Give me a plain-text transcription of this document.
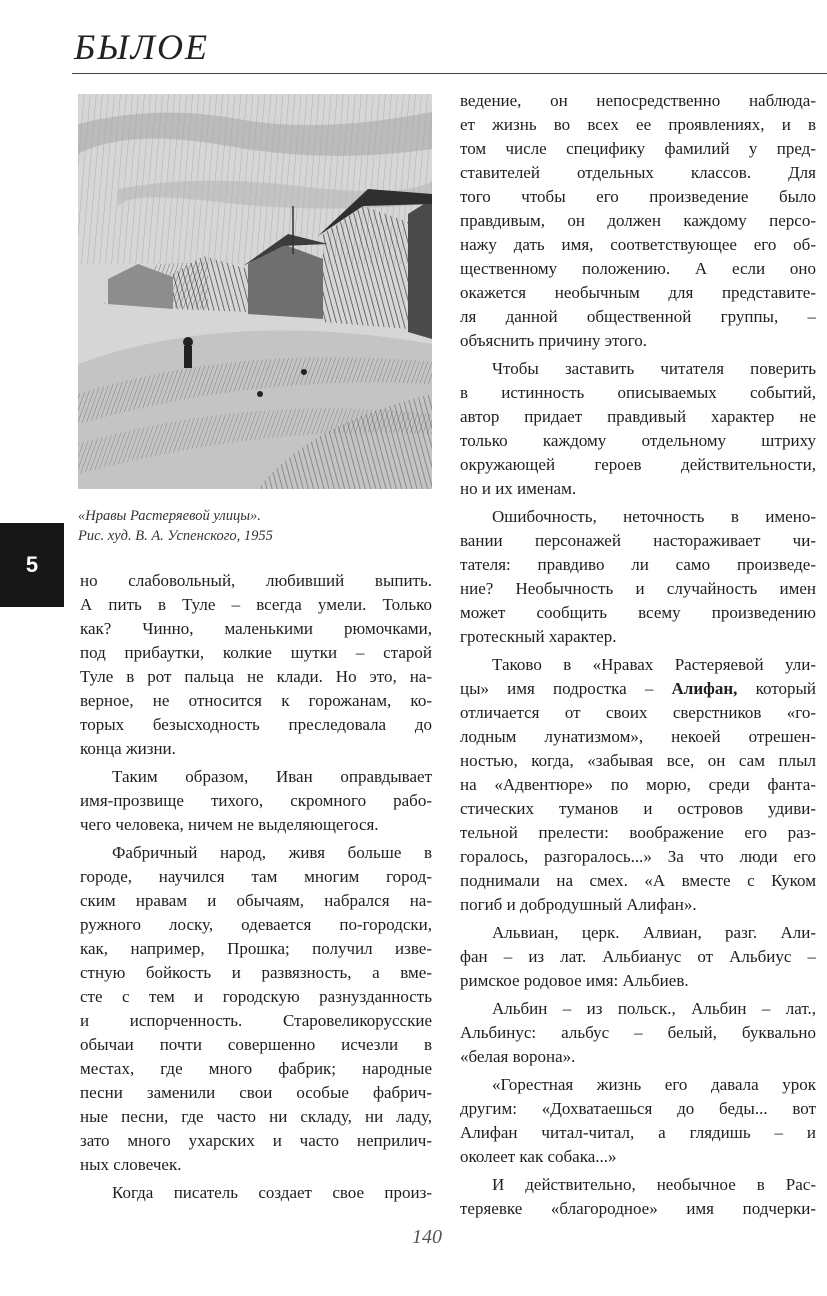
БЫЛОЕ
«Нравы Растеряевой улицы».
Рис. худ. В. А. Успенского, 1955
5
но слабовольный, любивший выпить.
А пить в Туле – всегда умели. Только
как? Чинно, маленькими рюмочками,
под прибаутки, колкие шутки – старой
Туле в рот пальца не клади. Но это, на-
верное, не относится к горожанам, ко-
торых безысходность преследовала до
конца жизни.
Таким образом, Иван оправдывает
имя-прозвище тихого, скромного рабо-
чего человека, ничем не выделяющегося.
Фабричный народ, живя больше в
городе, научился там многим город-
ским нравам и обычаям, набрался на-
ружного лоску, одевается по-городски,
как, например, Прошка; получил изве-
стную бойкость и развязность, а вме-
сте с тем и городскую разнузданность
и испорченность. Старовеликорусские
обычаи почти совершенно исчезли в
местах, где много фабрик; народные
песни заменили свои особые фабрич-
ные песни, где часто ни складу, ни ладу,
зато много ухарских и часто неприлич-
ных словечек.
Когда писатель создает свое произ-
ведение, он непосредственно наблюда-
ет жизнь во всех ее проявлениях, и в
том числе специфику фамилий у пред-
ставителей отдельных классов. Для
того чтобы его произведение было
правдивым, он должен каждому персо-
нажу дать имя, соответствующее его об-
щественному положению. А если оно
окажется необычным для представите-
ля данной общественной группы, –
объяснить причину этого.
Чтобы заставить читателя поверить
в истинность описываемых событий,
автор придает правдивый характер не
только каждому отдельному штриху
окружающей героев действительности,
но и их именам.
Ошибочность, неточность в имено-
вании персонажей настораживает чи-
тателя: правдиво ли само произведе-
ние? Необычность и случайность имен
может сообщить всему произведению
гротескный характер.
Таково в «Нравах Растеряевой ули-
цы» имя подростка – Алифан, который
отличается от своих сверстников «го-
лодным лунатизмом», некоей отрешен-
ностью, когда, «забывая все, он сам плыл
на «Адвентюре» по морю, среди фанта-
стических туманов и островов удиви-
тельной прелести: воображение его раз-
горалось, разгоралось...» За что люди его
поднимали на смех. «А вместе с Куком
погиб и добродушный Алифан».
Альвиан, церк. Алвиан, разг. Али-
фан – из лат. Альбианус от Альбиус –
римское родовое имя: Альбиев.
Альбин – из польск., Альбин – лат.,
Альбинус: альбус – белый, буквально
«белая ворона».
«Горестная жизнь его давала урок
другим: «Дохватаешься до беды... вот
Алифан читал-читал, а глядишь – и
околеет как собака...»
И действительно, необычное в Рас-
теряевке «благородное» имя подчерки-
140
